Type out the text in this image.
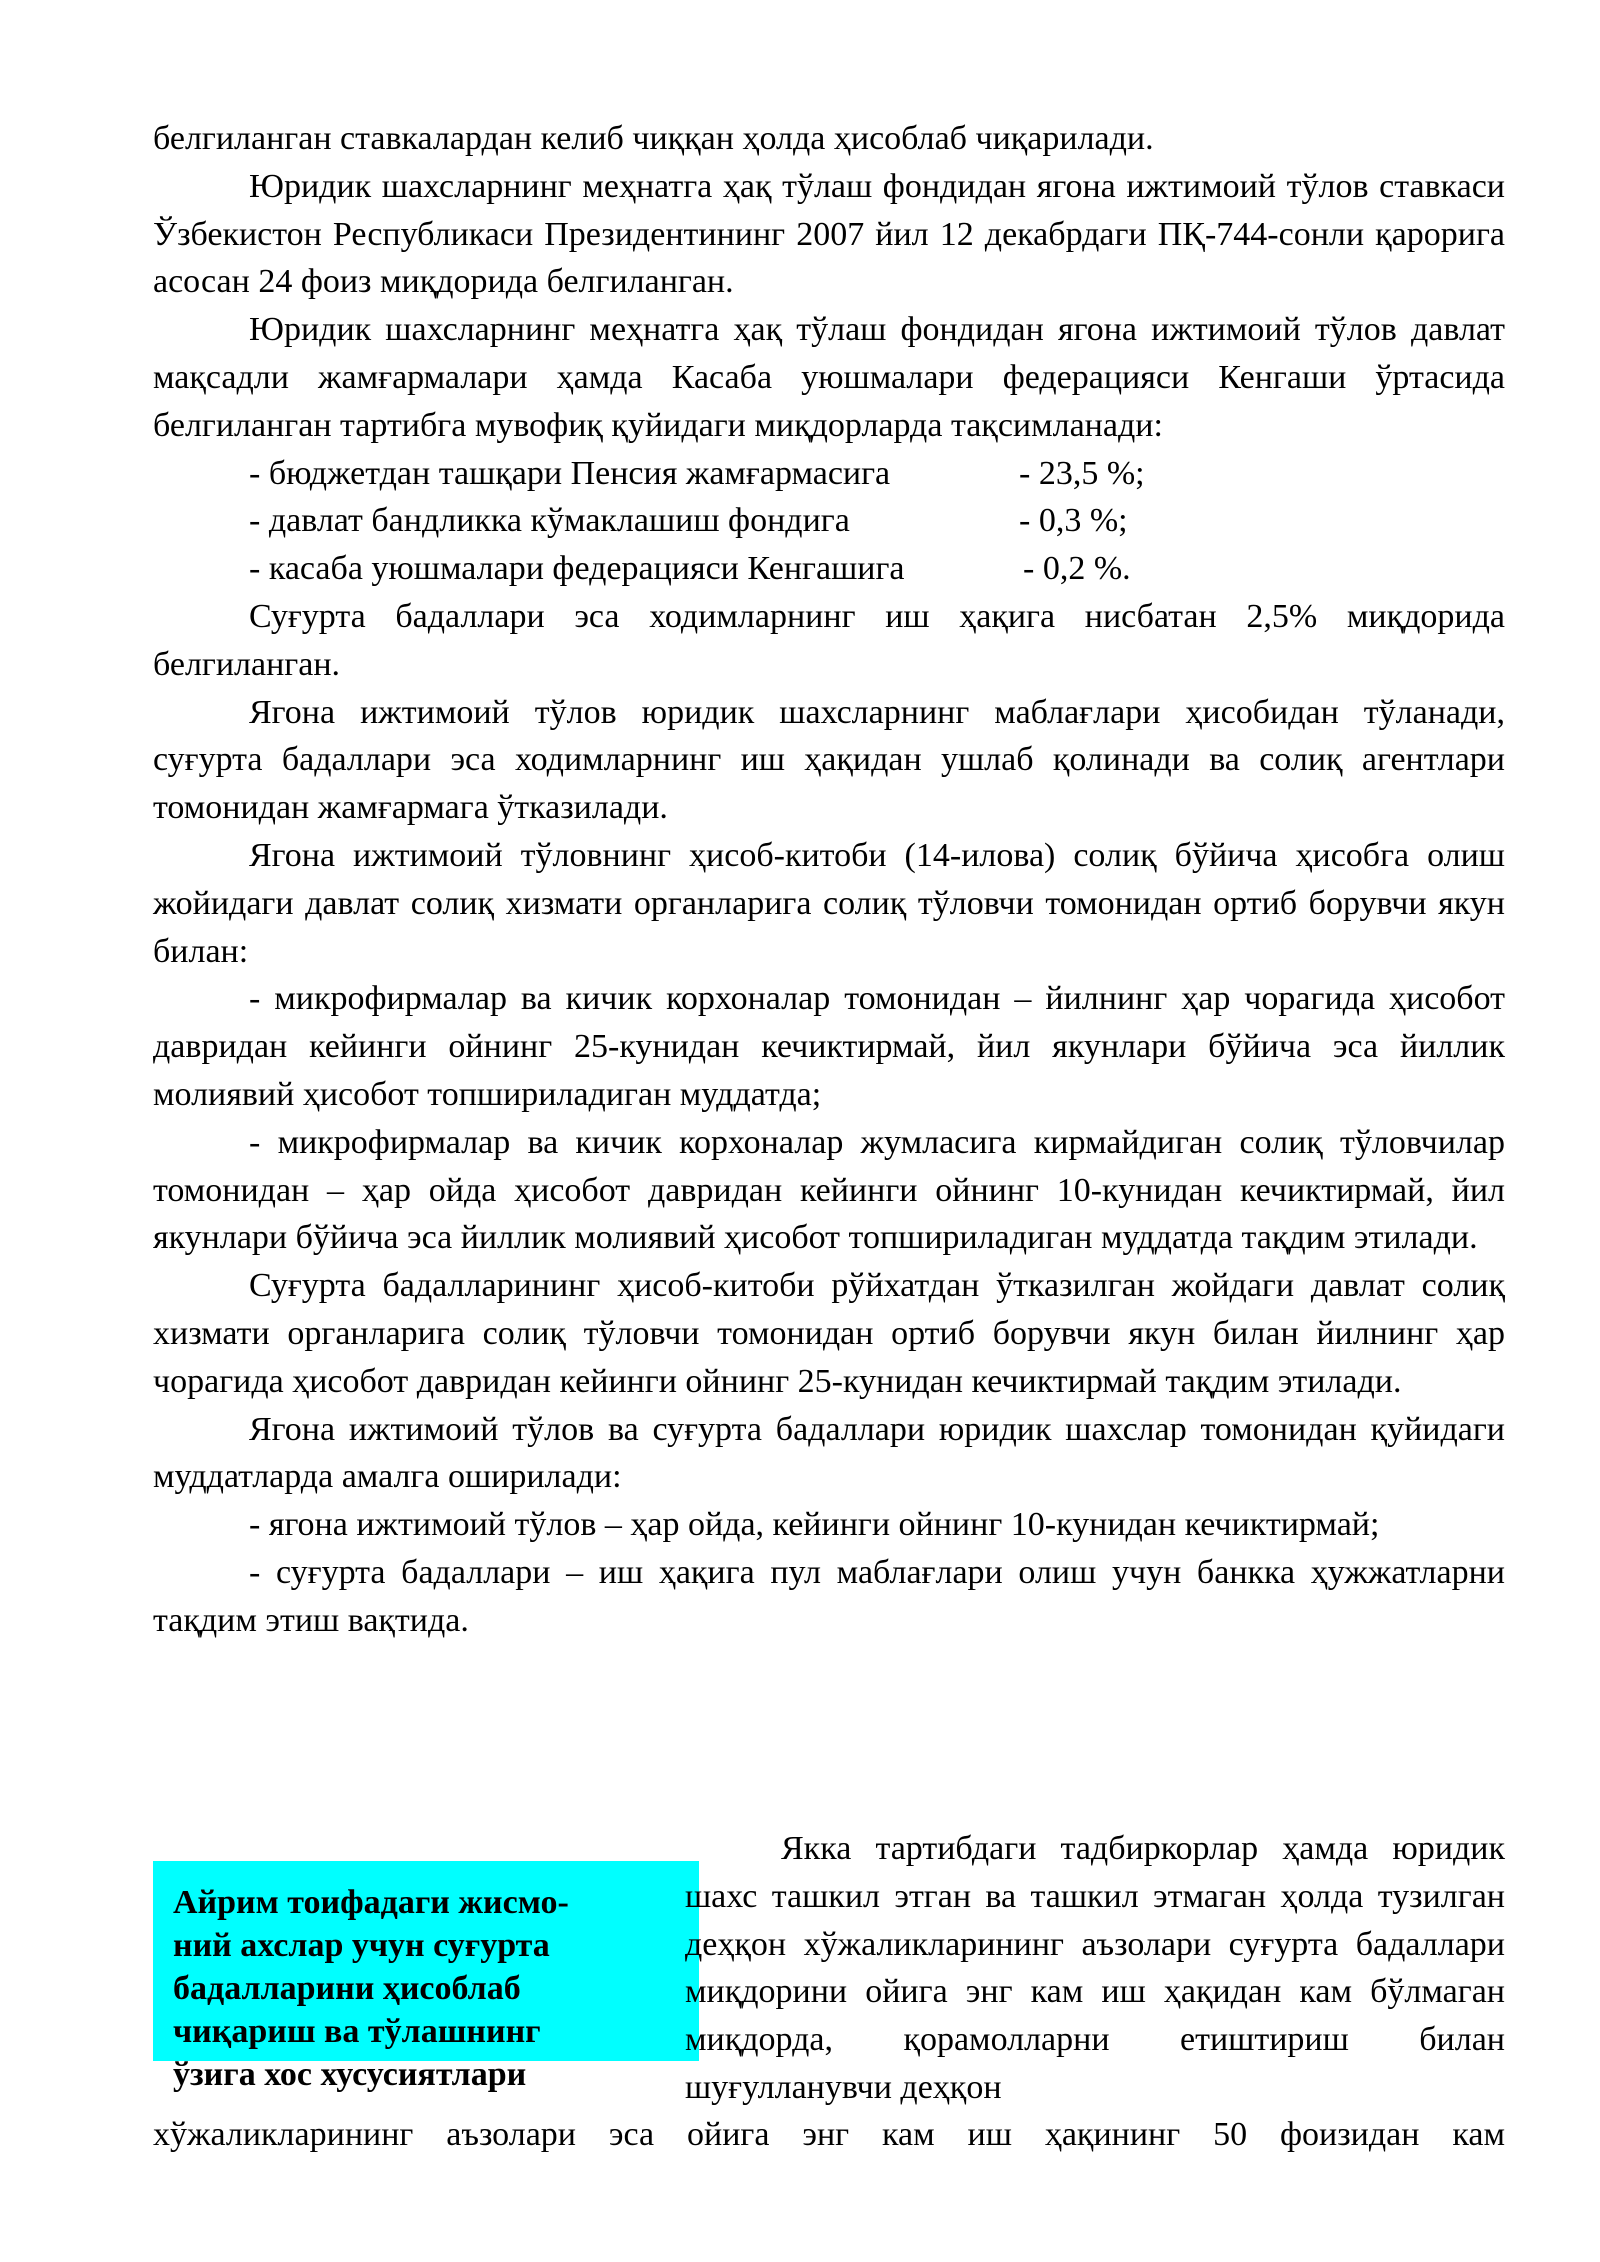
белгиланган ставкалардан келиб чиққан ҳолда ҳисоблаб чиқарилади.

Юридик шахсларнинг меҳнатга ҳақ тўлаш фондидан ягона ижтимоий тўлов ставкаси Ўзбекистон Республикаси Президентининг 2007 йил 12 декабрдаги ПҚ-744-сонли қарорига асосан 24 фоиз миқдорида белгиланган.

Юридик шахсларнинг меҳнатга ҳақ тўлаш фондидан ягона ижтимоий тўлов давлат мақсадли жамғармалари ҳамда Касаба уюшмалари федерацияси Кенгаши ўртасида белгиланган тартибга мувофиқ қуйидаги миқдорларда тақсимланади:

- бюджетдан ташқари Пенсия жамғармасига	- 23,5 %;

- давлат бандликка кўмаклашиш фондига	- 0,3 %;

- касаба уюшмалари федерацияси Кенгашига	- 0,2 %.

Суғурта бадаллари эса ходимларнинг иш ҳақига нисбатан 2,5% миқдорида белгиланган.

Ягона ижтимоий тўлов юридик шахсларнинг маблағлари ҳисобидан тўланади, суғурта бадаллари эса ходимларнинг иш ҳақидан ушлаб қолинади ва солиқ агентлари томонидан жамғармага ўтказилади.

Ягона ижтимоий тўловнинг ҳисоб-китоби (14-илова) солиқ бўйича ҳисобга олиш жойидаги давлат солиқ хизмати органларига солиқ тўловчи томонидан ортиб борувчи якун билан:

- микрофирмалар ва кичик корхоналар томонидан – йилнинг ҳар чорагида ҳисобот давридан кейинги ойнинг 25-кунидан кечиктирмай, йил якунлари бўйича эса йиллик молиявий ҳисобот топшириладиган муддатда;

- микрофирмалар ва кичик корхоналар жумласига кирмайдиган солиқ тўловчилар томонидан – ҳар ойда ҳисобот давридан кейинги ойнинг 10-кунидан кечиктирмай, йил якунлари бўйича эса йиллик молиявий ҳисобот топшириладиган муддатда тақдим этилади.

Суғурта бадалларининг ҳисоб-китоби рўйхатдан ўтказилган жойдаги давлат солиқ хизмати органларига солиқ тўловчи томонидан ортиб борувчи якун билан йилнинг ҳар чорагида ҳисобот давридан кейинги ойнинг 25-кунидан кечиктирмай тақдим этилади.

Ягона ижтимоий тўлов ва суғурта бадаллари юридик шахслар томонидан қуйидаги муддатларда амалга оширилади:

- ягона ижтимоий тўлов – ҳар ойда, кейинги ойнинг 10-кунидан кечиктирмай;

- суғурта бадаллари – иш ҳақига пул маблағлари олиш учун банкка ҳужжатларни тақдим этиш вақтида.

Айрим тоифадаги жисмо-
ний ахслар учун суғурта
бадалларини ҳисоблаб
чиқариш ва тўлашнинг
ўзига хос хусусиятлари

Якка тартибдаги тадбиркорлар ҳамда юридик шахс ташкил этган ва ташкил этмаган ҳолда тузилган деҳқон хўжаликларининг аъзолари суғурта бадаллари миқдорини ойига энг кам иш ҳақидан кам бўлмаган миқдорда, қорамолларни етиштириш билан шуғулланувчи деҳқон

хўжаликларининг аъзолари эса ойига энг кам иш ҳақининг 50 фоизидан кам
